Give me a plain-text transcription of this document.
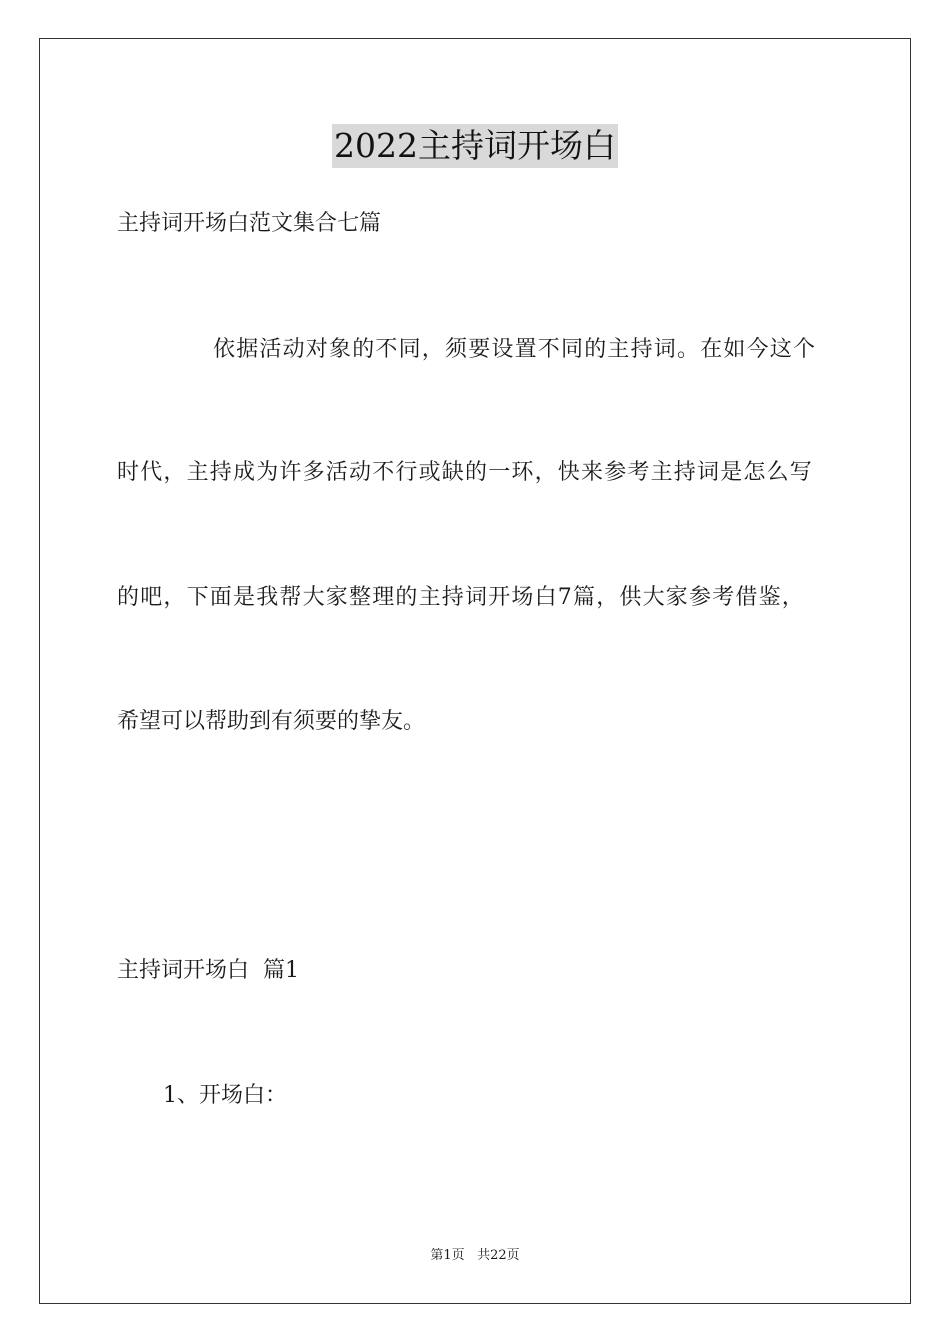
2022主持词开场白
主持词开场白范文集合七篇
依据活动对象的不同，须要设置不同的主持词。在如今这个
时代，主持成为许多活动不行或缺的一环，快来参考主持词是怎么写
的吧，下面是我帮大家整理的主持词开场白7篇，供大家参考借鉴，
希望可以帮助到有须要的挚友。
主持词开场白  篇1
1、开场白：
第1页 共22页
